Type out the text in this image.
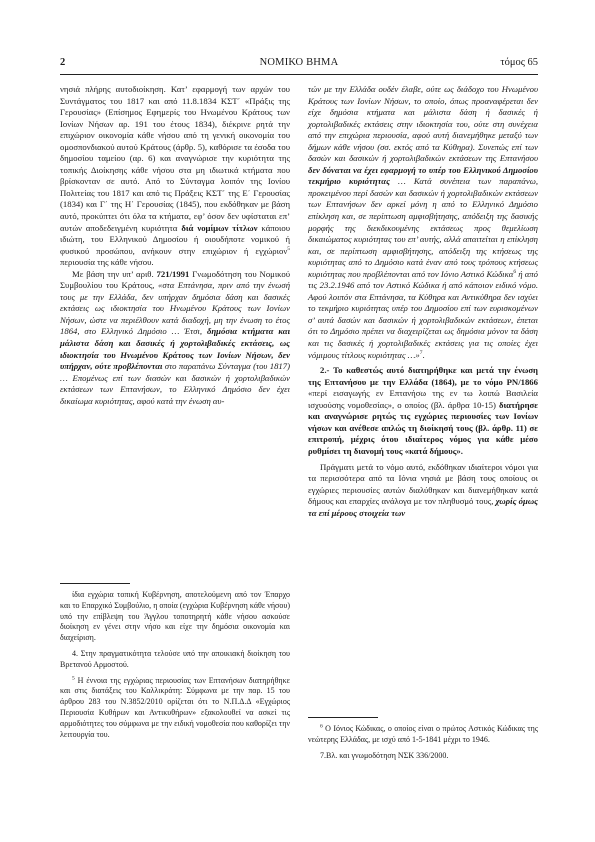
2	ΝΟΜΙΚΟ ΒΗΜΑ	τόμος 65

νησιά πλήρης αυτοδιοίκηση. Κατ’ εφαρμογή των αρχών του Συντάγματος του 1817 και από 11.8.1834 ΚΣΤ΄ «Πράξις της Γερουσίας» (Επίσημος Εφημερίς του Ηνωμένου Κράτους των Ιονίων Νήσων αρ. 191 του έτους 1834), διέκρινε ρητά την επιχώριον οικονομία κάθε νήσου από τη γενική οικονομία του ομοσπονδιακού αυτού Κράτους (άρθρ. 5), καθόρισε τα έσοδα του δημοσίου ταμείου (αρ. 6) και αναγνώρισε την κυριότητα της τοπικής Διοίκησης κάθε νήσου στα μη ιδιωτικά κτήματα που βρίσκονταν σε αυτό. Από το Σύνταγμα λοιπόν της Ιονίου Πολιτείας του 1817 και από τις Πράξεις ΚΣΤ΄ της Ε΄ Γερουσίας (1834) και Γ΄ της Η΄ Γερουσίας (1845), που εκδόθηκαν με βάση αυτό, προκύπτει ότι όλα τα κτήματα, εφ’ όσον δεν υφίσταται επ’ αυτών αποδεδειγμένη κυριότητα διά νομίμων τίτλων κάποιου ιδιώτη, του Ελληνικού Δημοσίου ή οιουδήποτε νομικού ή φυσικού προσώπου, ανήκουν στην επιχώριον ή εγχώριον$^5$ περιουσία της κάθε νήσου.

Με βάση την υπ’ αριθ. 721/1991 Γνωμοδότηση του Νομικού Συμβουλίου του Κράτους, «στα Επτάνησα, πριν από την ένωσή τους με την Ελλάδα, δεν υπήρχαν δημόσια δάση και δασικές εκτάσεις ως ιδιοκτησία του Ηνωμένου Κράτους των Ιονίων Νήσων, ώστε να περιέλθουν κατά διαδοχή, μη την ένωση το έτος 1864, στο Ελληνικό Δημόσιο … Έτσι, δημόσια κτήματα και μάλιστα δάση και δασικές ή χορτολιβαδικές εκτάσεις, ως ιδιοκτησία του Ηνωμένου Κράτους των Ιονίων Νήσων, δεν υπήρχαν, ούτε προβλέπονται στο παραπάνω Σύνταγμα (του 1817) … Επομένως επί των διασών και δασικών ή χορτολιβαδικών εκτάσεων των Επτανήσων, το Ελληνικό Δημόσιο δεν έχει δικαίωμα κυριότητας, αφού κατά την ένωση αυ-

ίδια εγχώρια τοπική Κυβέρνηση, αποτελούμενη από τον Έπαρχο και το Επαρχικό Συμβούλιο, η οποία (εγχώρια Κυβέρνηση κάθε νήσου) υπό την επίβλεψη του Άγγλου τοποτηρητή κάθε νήσου ασκούσε διοίκηση εν γένει στην νήσο και είχε την δημόσια οικονομία και διαχείριση.

4. Στην πραγματικότητα τελούσε υπό την αποικιακή διοίκηση του Βρετανού Αρμοστού.

$^5$ Η έννοια της εγχώριας περιουσίας των Επτανήσων διατηρήθηκε και στις διατάξεις του Καλλικράτη: Σύμφωνα με την παρ. 15 του άρθρου 283 του Ν.3852/2010 ορίζεται ότι το Ν.Π.Δ.Δ «Εγχώριος Περιουσία Κυθήρων και Αντικυθήρων» εξακολουθεί να ασκεί τις αρμοδιότητες του σύμφωνα με την ειδική νομοθεσία που καθορίζει την λειτουργία του.

τών με την Ελλάδα ουδέν έλαβε, ούτε ως διάδοχο του Ηνωμένου Κράτους των Ιονίων Νήσων, το οποίο, όπως προαναφέρεται δεν είχε δημόσια κτήματα και μάλιστα δάση ή δασικές ή χορτολιβαδικές εκτάσεις στην ιδιοκτησία του, ούτε στη συνέχεια από την επιχώρια περιουσία, αφού αυτή διανεμήθηκε μεταξύ των δήμων κάθε νήσου (σσ. εκτός από τα Κύθηρα). Συνεπώς επί των δασών και δασικών ή χορτολιβαδικών εκτάσεων της Επτανήσου δεν δύναται να έχει εφαρμογή το υπέρ του Ελληνικού Δημοσίου τεκμήριο κυριότητας … Κατά συνέπεια των παραπάνω, προκειμένου περί δασών και δασικών ή χορτολιβαδικών εκτάσεων των Επτανήσων δεν αρκεί μόνη η από το Ελληνικό Δημόσιο επίκληση και, σε περίπτωση αμφισβήτησης, απόδειξη της δασικής μορφής της διεκδικουμένης εκτάσεως προς θεμελίωση δικαιώματος κυριότητας του επ’ αυτής, αλλά απαιτείται η επίκληση και, σε περίπτωση αμφισβήτησης, απόδειξη της κτήσεως της κυριότητας από το Δημόσιο κατά έναν από τους τρόπους κτήσεως κυριότητας που προβλέπονται από τον Ιόνιο Αστικό Κώδικα$^6$ ή από τις 23.2.1946 από τον Αστικό Κώδικα ή από κάποιον ειδικό νόμο. Αφού λοιπόν στα Επτάνησα, τα Κύθηρα και Αντικύθηρα δεν ισχύει το τεκμήριο κυριότητας υπέρ του Δημοσίου επί των ευρισκομένων σ’ αυτά δασών και δασικών ή χορτολιβαδικών εκτάσεων, έπεται ότι το Δημόσιο πρέπει να διαχειρίζεται ως δημόσια μόνον τα δάση και τις δασικές ή χορτολιβαδικές εκτάσεις για τις οποίες έχει νόμιμους τίτλους κυριότητας …»$^7$.

2.- Το καθεστώς αυτό διατηρήθηκε και μετά την ένωση της Επτανήσου με την Ελλάδα (1864), με το νόμο ΡΝ/1866 «περί εισαγωγής εν Επτανήσω της εν τω λοιπώ Βασιλεία ισχυούσης νομοθεσίας», ο οποίος (βλ. άρθρα 10-15) διατήρησε και αναγνώρισε ρητώς τις εγχώριες περιουσίες των Ιονίων νήσων και ανέθεσε απλώς τη διοίκησή τους (βλ. άρθρ. 11) σε επιτροπή, μέχρις ότου ιδιαίτερος νόμος για κάθε μέσο ρυθμίσει τη διανομή τους «κατά δήμους».

Πράγματι μετά το νόμο αυτό, εκδόθηκαν ιδιαίτεροι νόμοι για τα περισσότερα από τα Ιόνια νησιά με βάση τους οποίους οι εγχώριες περιουσίες αυτών διαλύθηκαν και διανεμήθηκαν κατά δήμους και επαρχίες ανάλογα με τον πληθυσμό τους, χωρίς όμως τα επί μέρους στοιχεία των

$^6$ Ο Ιόνιος Κώδικας, ο οποίος είναι ο πρώτος Αστικός Κώδικας της νεώτερης Ελλάδας, με ισχύ από 1-5-1841 μέχρι το 1946.

7.Βλ. και γνωμοδότηση ΝΣΚ 336/2000.
